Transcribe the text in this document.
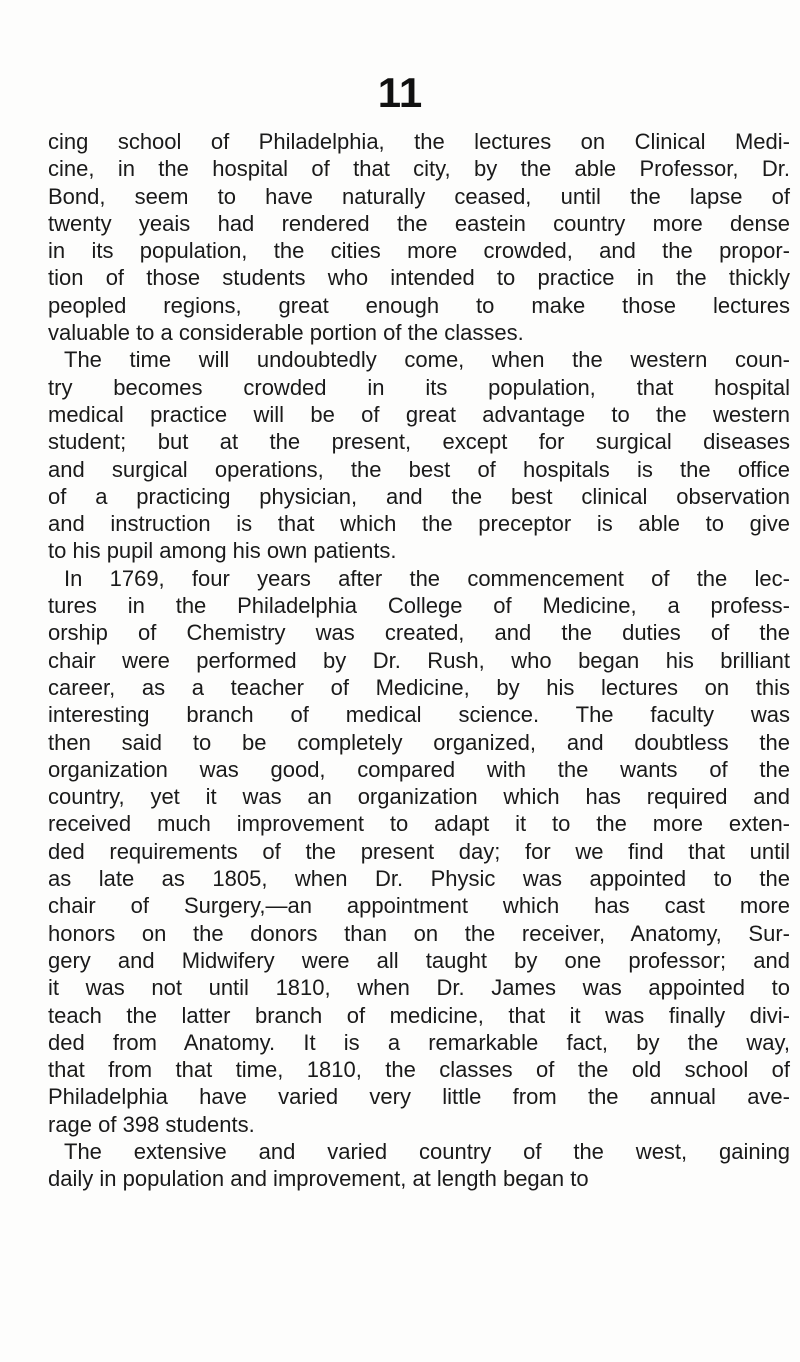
11
cing school of Philadelphia, the lectures on Clinical Medi-
cine, in the hospital of that city, by the able Professor, Dr.
Bond, seem to have naturally ceased, until the lapse of
twenty yeais had rendered the eastein country more dense
in its population, the cities more crowded, and the propor-
tion of those students who intended to practice in the thickly
peopled regions, great enough to make those lectures
valuable to a considerable portion of the classes.
The time will undoubtedly come, when the western coun-
try becomes crowded in its population, that hospital
medical practice will be of great advantage to the western
student; but at the present, except for surgical diseases
and surgical operations, the best of hospitals is the office
of a practicing physician, and the best clinical observation
and instruction is that which the preceptor is able to give
to his pupil among his own patients.
In 1769, four years after the commencement of the lec-
tures in the Philadelphia College of Medicine, a profess-
orship of Chemistry was created, and the duties of the
chair were performed by Dr. Rush, who began his brilliant
career, as a teacher of Medicine, by his lectures on this
interesting branch of medical science. The faculty was
then said to be completely organized, and doubtless the
organization was good, compared with the wants of the
country, yet it was an organization which has required and
received much improvement to adapt it to the more exten-
ded requirements of the present day; for we find that until
as late as 1805, when Dr. Physic was appointed to the
chair of Surgery,—an appointment which has cast more
honors on the donors than on the receiver, Anatomy, Sur-
gery and Midwifery were all taught by one professor; and
it was not until 1810, when Dr. James was appointed to
teach the latter branch of medicine, that it was finally divi-
ded from Anatomy. It is a remarkable fact, by the way,
that from that time, 1810, the classes of the old school of
Philadelphia have varied very little from the annual ave-
rage of 398 students.
The extensive and varied country of the west, gaining
daily in population and improvement, at length began to
